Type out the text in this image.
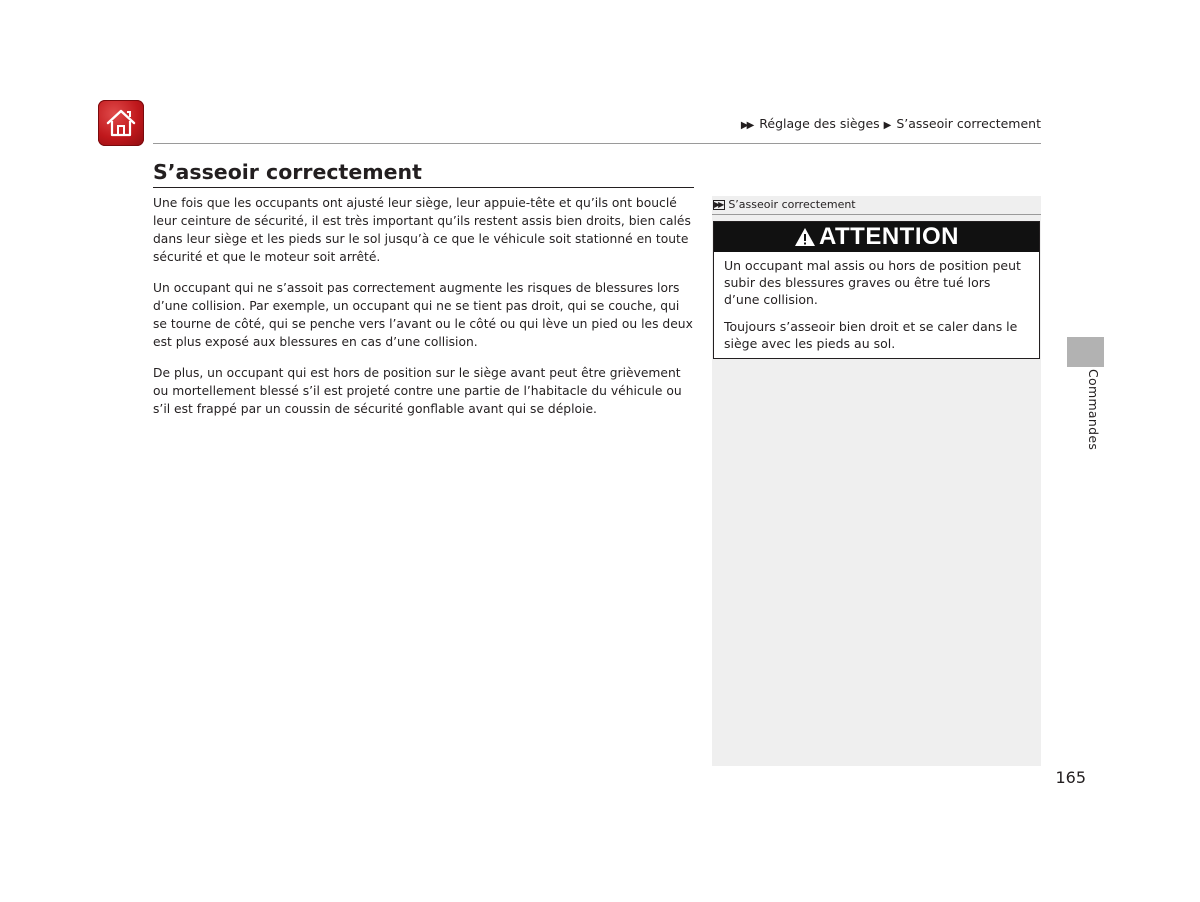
▶▶ Réglage des sièges ▶ S’asseoir correctement
S’asseoir correctement

Une fois que les occupants ont ajusté leur siège, leur appuie-tête et qu’ils ont bouclé leur ceinture de sécurité, il est très important qu’ils restent assis bien droits, bien calés dans leur siège et les pieds sur le sol jusqu’à ce que le véhicule soit stationné en toute sécurité et que le moteur soit arrêté.

Un occupant qui ne s’assoit pas correctement augmente les risques de blessures lors d’une collision. Par exemple, un occupant qui ne se tient pas droit, qui se couche, qui se tourne de côté, qui se penche vers l’avant ou le côté ou qui lève un pied ou les deux est plus exposé aux blessures en cas d’une collision.

De plus, un occupant qui est hors de position sur le siège avant peut être grièvement ou mortellement blessé s’il est projeté contre une partie de l’habitacle du véhicule ou s’il est frappé par un coussin de sécurité gonflable avant qui se déploie.

▶▶ S’asseoir correctement
ATTENTION

Un occupant mal assis ou hors de position peut subir des blessures graves ou être tué lors d’une collision.

Toujours s’asseoir bien droit et se caler dans le siège avec les pieds au sol.

Commandes
165
